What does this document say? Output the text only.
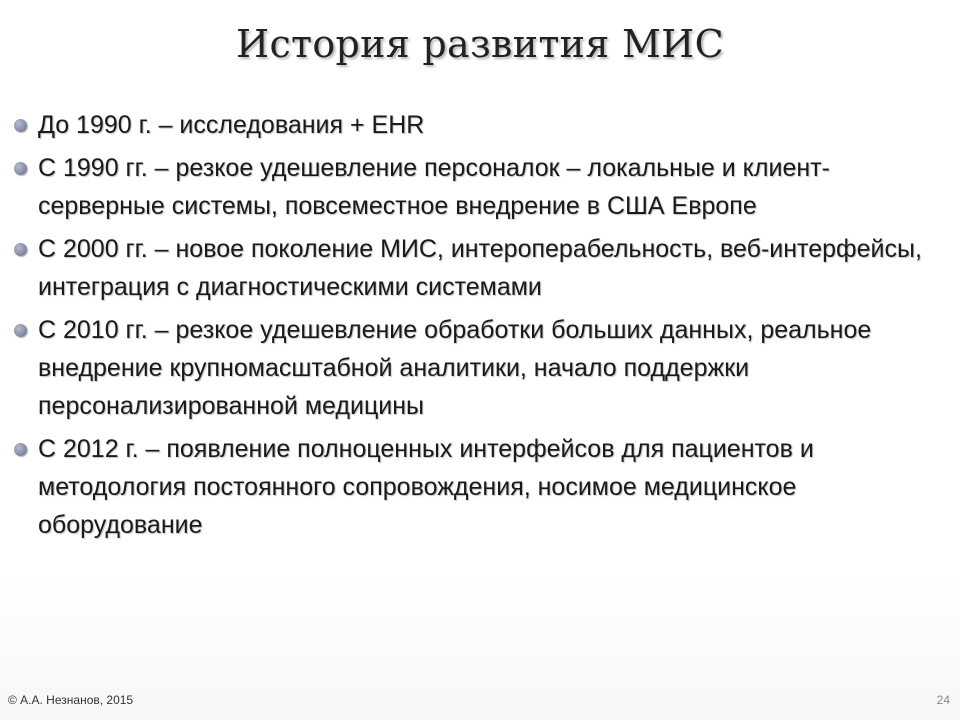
История развития МИС
До 1990 г. – исследования + EHR
С 1990 гг. – резкое удешевление персоналок – локальные и клиент-серверные системы, повсеместное внедрение в США Европе
С 2000 гг. – новое поколение МИС, интероперабельность, веб-интерфейсы, интеграция с диагностическими системами
С 2010 гг. – резкое удешевление обработки больших данных, реальное внедрение крупномасштабной аналитики, начало поддержки персонализированной медицины
С 2012 г. – появление полноценных интерфейсов для пациентов и методология постоянного сопровождения, носимое медицинское оборудование
© А.А. Незнанов, 2015	24
